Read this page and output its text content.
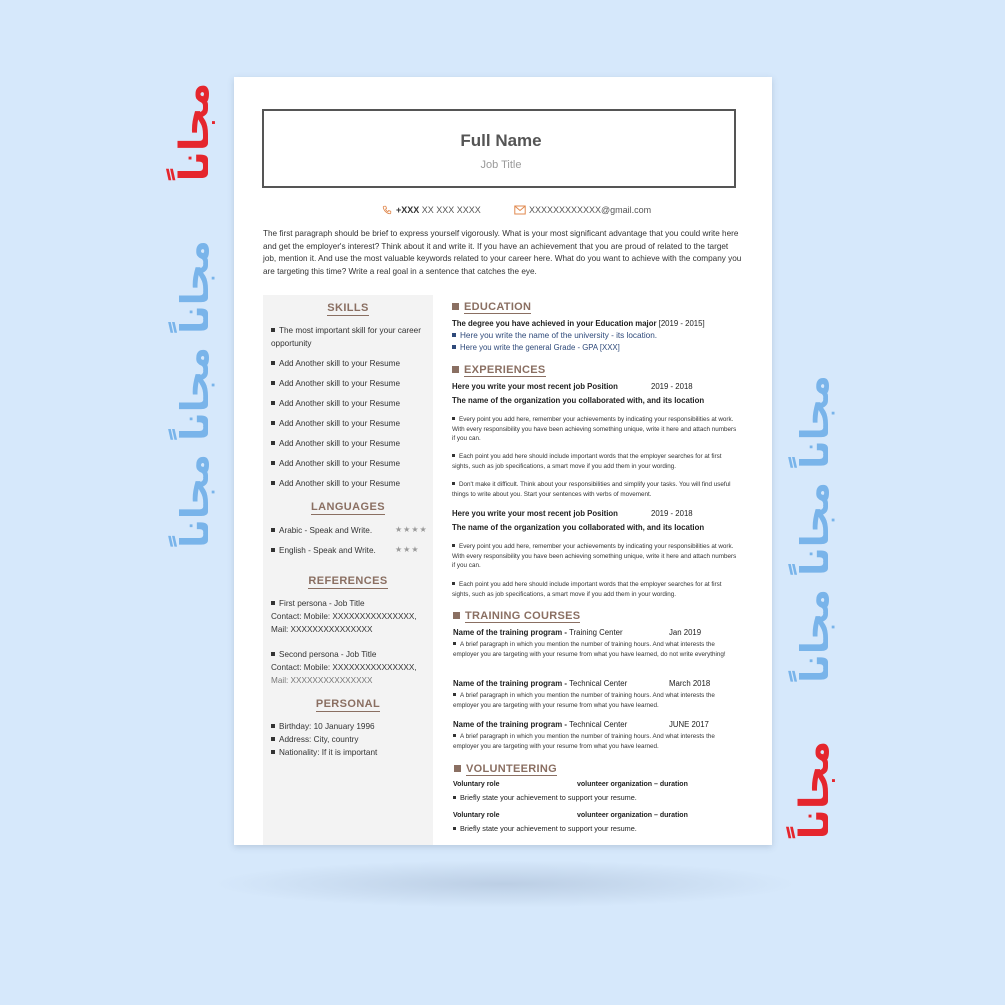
مجاناً
مجاناً مجاناً مجاناً	مجاناً مجاناً مجاناً
مجاناً
Full Name
Job Title
+XXX XX XXX XXXX	XXXXXXXXXXXX@gmail.com
The first paragraph should be brief to express yourself vigorously. What is your most significant advantage that you could write here and get the employer's interest? Think about it and write it. If you have an achievement that you are proud of related to the target job, mention it. And use the most valuable keywords related to your career here. What do you want to achieve with the company you are targeting this time? Write a real goal in a sentence that catches the eye.
SKILLS
The most important skill for your career opportunity
Add Another skill to your Resume
Add Another skill to your Resume
Add Another skill to your Resume
Add Another skill to your Resume
Add Another skill to your Resume
Add Another skill to your Resume
Add Another skill to your Resume
LANGUAGES
Arabic - Speak and Write.	★★★★
English - Speak and Write. ★★★
REFERENCES
First persona - Job Title
Contact: Mobile: XXXXXXXXXXXXXXX,
Mail: XXXXXXXXXXXXXXX
Second persona - Job Title
Contact: Mobile: XXXXXXXXXXXXXXX,
Mail: XXXXXXXXXXXXXXX
PERSONAL
Birthday: 10 January 1996
Address: City, country
Nationality: If it is important
EDUCATION
The degree you have achieved in your Education major [2019 - 2015]
Here you write the name of the university - its location.
Here you write the general Grade - GPA [XXX]
EXPERIENCES
Here you write your most recent job Position	2019 - 2018
The name of the organization you collaborated with, and its location
Every point you add here, remember your achievements by indicating your responsibilities at work. With every responsibility you have been achieving something unique, write it here and attach numbers if you can.
Each point you add here should include important words that the employer searches for at first sights, such as job specifications, a smart move if you add them in your wording.
Don't make it difficult. Think about your responsibilities and simplify your tasks. You will find useful things to write about you. Start your sentences with verbs of movement.
Here you write your most recent job Position	2019 - 2018
The name of the organization you collaborated with, and its location
Every point you add here, remember your achievements by indicating your responsibilities at work. With every responsibility you have been achieving something unique, write it here and attach numbers if you can.
Each point you add here should include important words that the employer searches for at first sights, such as job specifications, a smart move if you add them in your wording.
TRAINING COURSES
Name of the training program - Training Center	Jan 2019
A brief paragraph in which you mention the number of training hours. And what interests the employer you are targeting with your resume from what you have learned, do not write everything!
Name of the training program - Technical Center	March 2018
A brief paragraph in which you mention the number of training hours. And what interests the employer you are targeting with your resume from what you have learned.
Name of the training program - Technical Center	JUNE 2017
A brief paragraph in which you mention the number of training hours. And what interests the employer you are targeting with your resume from what you have learned.
VOLUNTEERING
Voluntary role	volunteer organization – duration
Briefly state your achievement to support your resume.
Voluntary role	volunteer organization – duration
Briefly state your achievement to support your resume.
